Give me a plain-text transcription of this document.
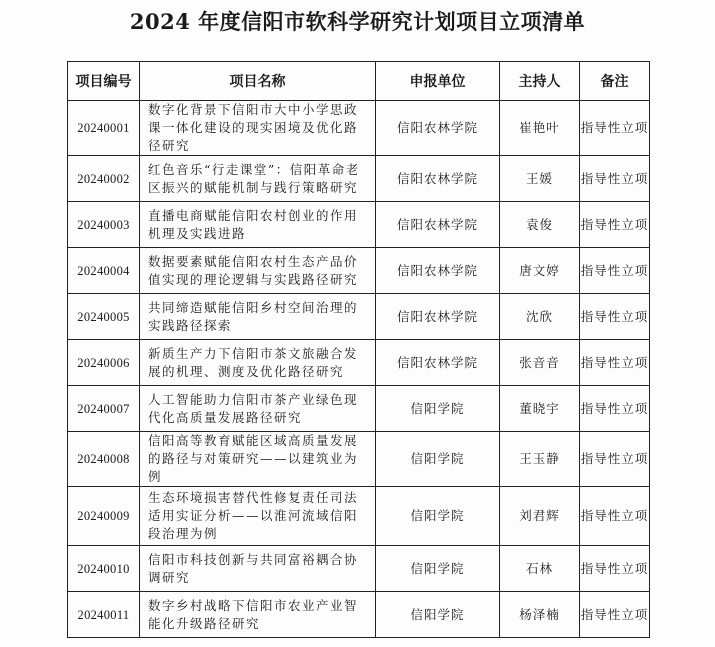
2024 年度信阳市软科学研究计划项目立项清单
项目编号	项目名称	申报单位	主持人	备注
20240001	数字化背景下信阳市大中小学思政课一体化建设的现实困境及优化路径研究	信阳农林学院	崔艳叶	指导性立项
20240002	红色音乐“行走课堂”：信阳革命老区振兴的赋能机制与践行策略研究	信阳农林学院	王媛	指导性立项
20240003	直播电商赋能信阳农村创业的作用机理及实践进路	信阳农林学院	袁俊	指导性立项
20240004	数据要素赋能信阳农村生态产品价值实现的理论逻辑与实践路径研究	信阳农林学院	唐文婷	指导性立项
20240005	共同缔造赋能信阳乡村空间治理的实践路径探索	信阳农林学院	沈欣	指导性立项
20240006	新质生产力下信阳市茶文旅融合发展的机理、测度及优化路径研究	信阳农林学院	张音音	指导性立项
20240007	人工智能助力信阳市茶产业绿色现代化高质量发展路径研究	信阳学院	董晓宇	指导性立项
20240008	信阳高等教育赋能区域高质量发展的路径与对策研究——以建筑业为例	信阳学院	王玉静	指导性立项
20240009	生态环境损害替代性修复责任司法适用实证分析——以淮河流域信阳段治理为例	信阳学院	刘君辉	指导性立项
20240010	信阳市科技创新与共同富裕耦合协调研究	信阳学院	石林	指导性立项
20240011	数字乡村战略下信阳市农业产业智能化升级路径研究	信阳学院	杨泽楠	指导性立项
